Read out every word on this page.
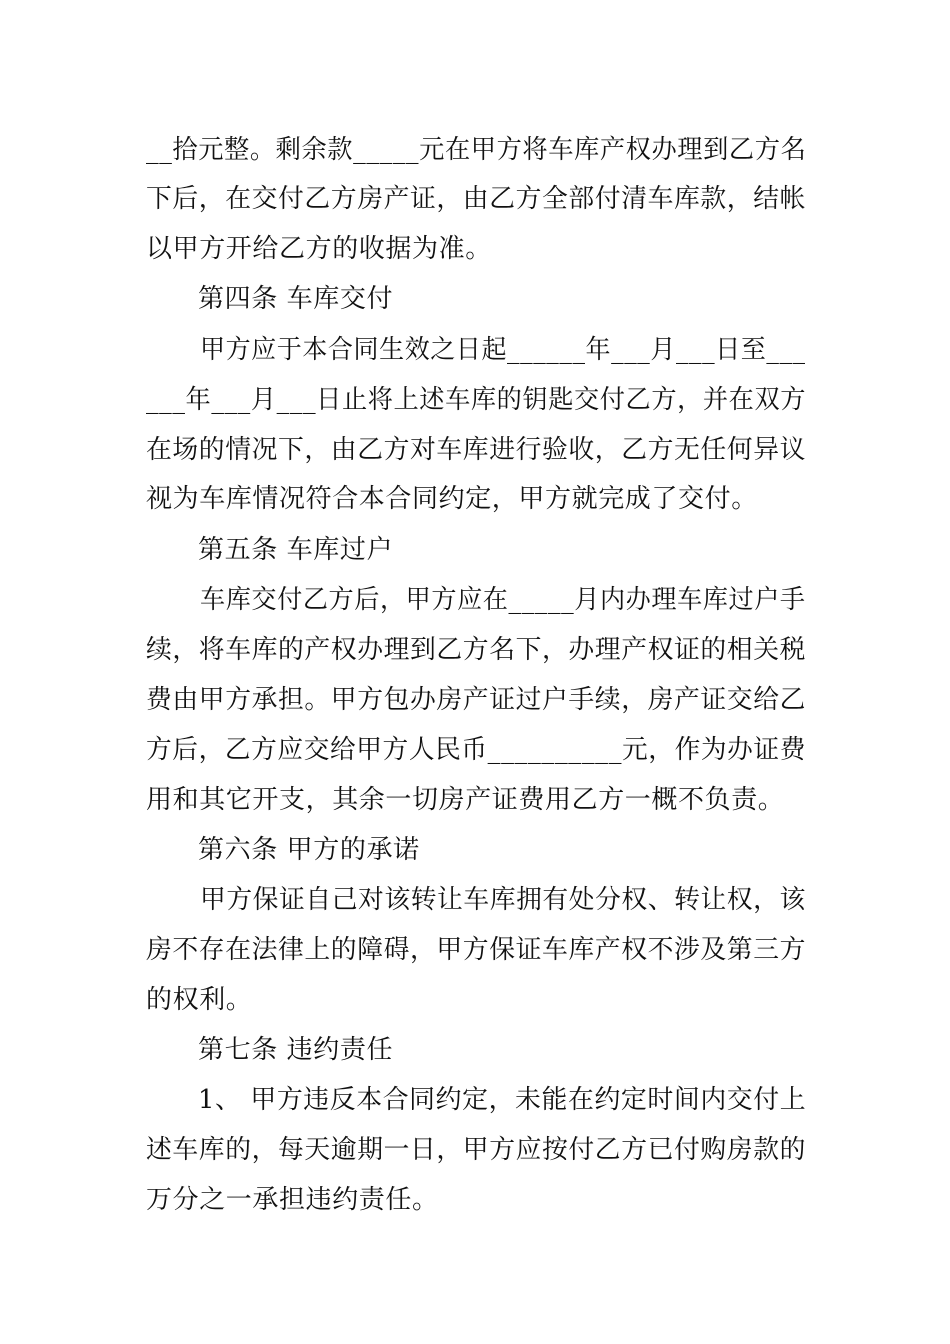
__拾元整。剩余款_____元在甲方将车库产权办理到乙方名
下后，在交付乙方房产证，由乙方全部付清车库款，结帐
以甲方开给乙方的收据为准。
第四条 车库交付
甲方应于本合同生效之日起______年___月___日至___
___年___月___日止将上述车库的钥匙交付乙方，并在双方
在场的情况下，由乙方对车库进行验收，乙方无任何异议
视为车库情况符合本合同约定，甲方就完成了交付。
第五条 车库过户
车库交付乙方后，甲方应在_____月内办理车库过户手
续，将车库的产权办理到乙方名下，办理产权证的相关税
费由甲方承担。甲方包办房产证过户手续，房产证交给乙
方后，乙方应交给甲方人民币__________元，作为办证费
用和其它开支，其余一切房产证费用乙方一概不负责。
第六条 甲方的承诺
甲方保证自己对该转让车库拥有处分权、转让权，该
房不存在法律上的障碍，甲方保证车库产权不涉及第三方
的权利。
第七条 违约责任
1、 甲方违反本合同约定，未能在约定时间内交付上
述车库的，每天逾期一日，甲方应按付乙方已付购房款的
万分之一承担违约责任。
